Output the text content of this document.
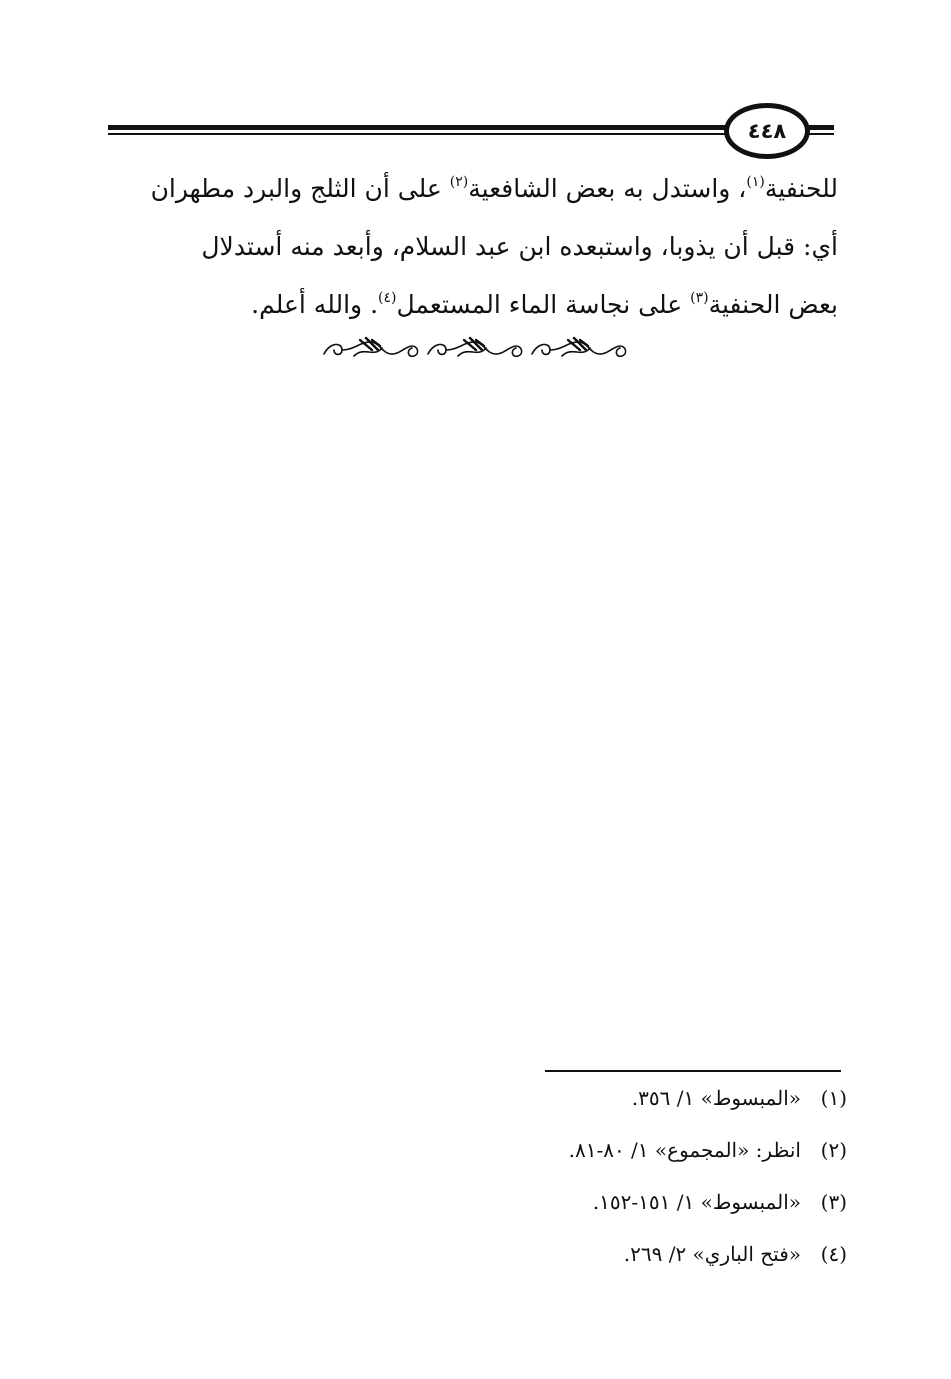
٤٤٨

للحنفية$^{(١)}$، واستدل به بعض الشافعية$^{(٢)}$ على أن الثلج والبرد مطهران
أي: قبل أن يذوبا، واستبعده ابن عبد السلام، وأبعد منه أستدلال
بعض الحنفية$^{(٣)}$ على نجاسة الماء المستعمل$^{(٤)}$. والله أعلم.

(١)«المبسوط» ١/ ٣٥٦.
(٢)انظر: «المجموع» ١/ ٨٠-٨١.
(٣)«المبسوط» ١/ ١٥١-١٥٢.
(٤)«فتح الباري» ٢/ ٢٦٩.
